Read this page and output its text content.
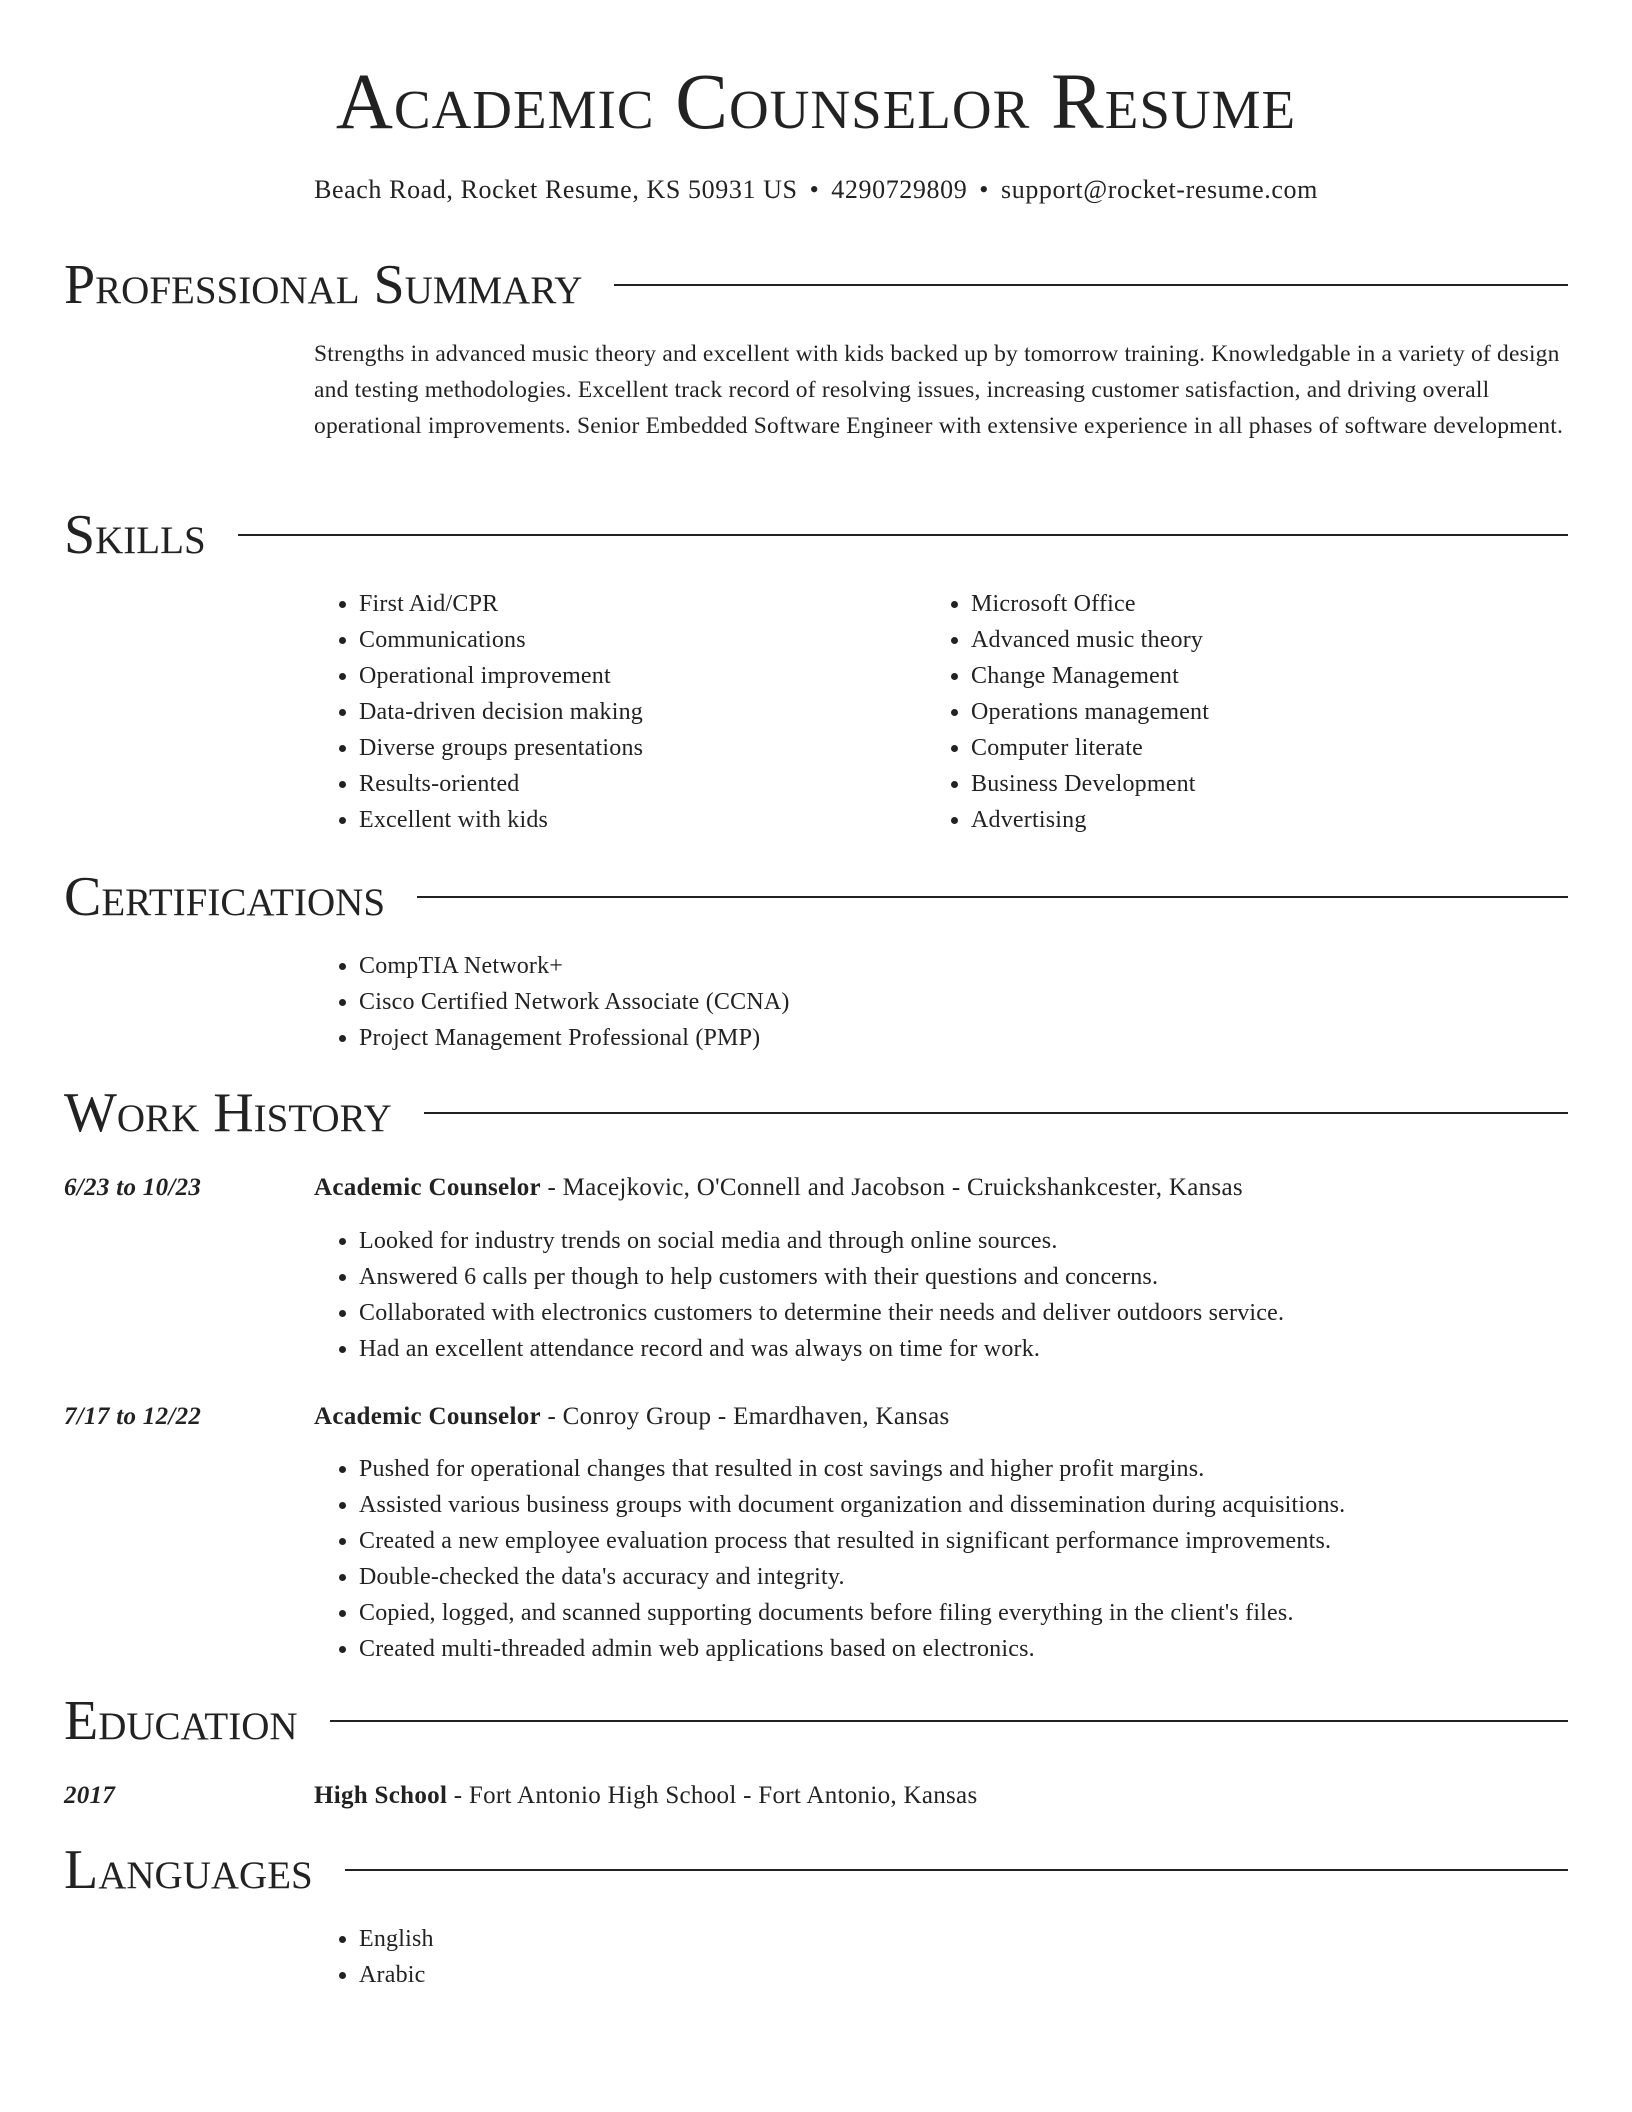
Academic Counselor Resume
Beach Road, Rocket Resume, KS 50931 US • 4290729809 • support@rocket-resume.com
Professional Summary

Strengths in advanced music theory and excellent with kids backed up by tomorrow training. Knowledgable in a variety of design and testing methodologies. Excellent track record of resolving issues, increasing customer satisfaction, and driving overall operational improvements. Senior Embedded Software Engineer with extensive experience in all phases of software development.

Skills
• First Aid/CPR
• Communications
• Operational improvement
• Data-driven decision making
• Diverse groups presentations
• Results-oriented
• Excellent with kids
• Microsoft Office
• Advanced music theory
• Change Management
• Operations management
• Computer literate
• Business Development
• Advertising
Certifications
• CompTIA Network+
• Cisco Certified Network Associate (CCNA)
• Project Management Professional (PMP)
Work History
6/23 to 10/23	Academic Counselor - Macejkovic, O'Connell and Jacobson - Cruickshankcester, Kansas
• Looked for industry trends on social media and through online sources.
• Answered 6 calls per though to help customers with their questions and concerns.
• Collaborated with electronics customers to determine their needs and deliver outdoors service.
• Had an excellent attendance record and was always on time for work.
7/17 to 12/22	Academic Counselor - Conroy Group - Emardhaven, Kansas
• Pushed for operational changes that resulted in cost savings and higher profit margins.
• Assisted various business groups with document organization and dissemination during acquisitions.
• Created a new employee evaluation process that resulted in significant performance improvements.
• Double-checked the data's accuracy and integrity.
• Copied, logged, and scanned supporting documents before filing everything in the client's files.
• Created multi-threaded admin web applications based on electronics.
Education
2017	High School - Fort Antonio High School - Fort Antonio, Kansas
Languages
• English
• Arabic
